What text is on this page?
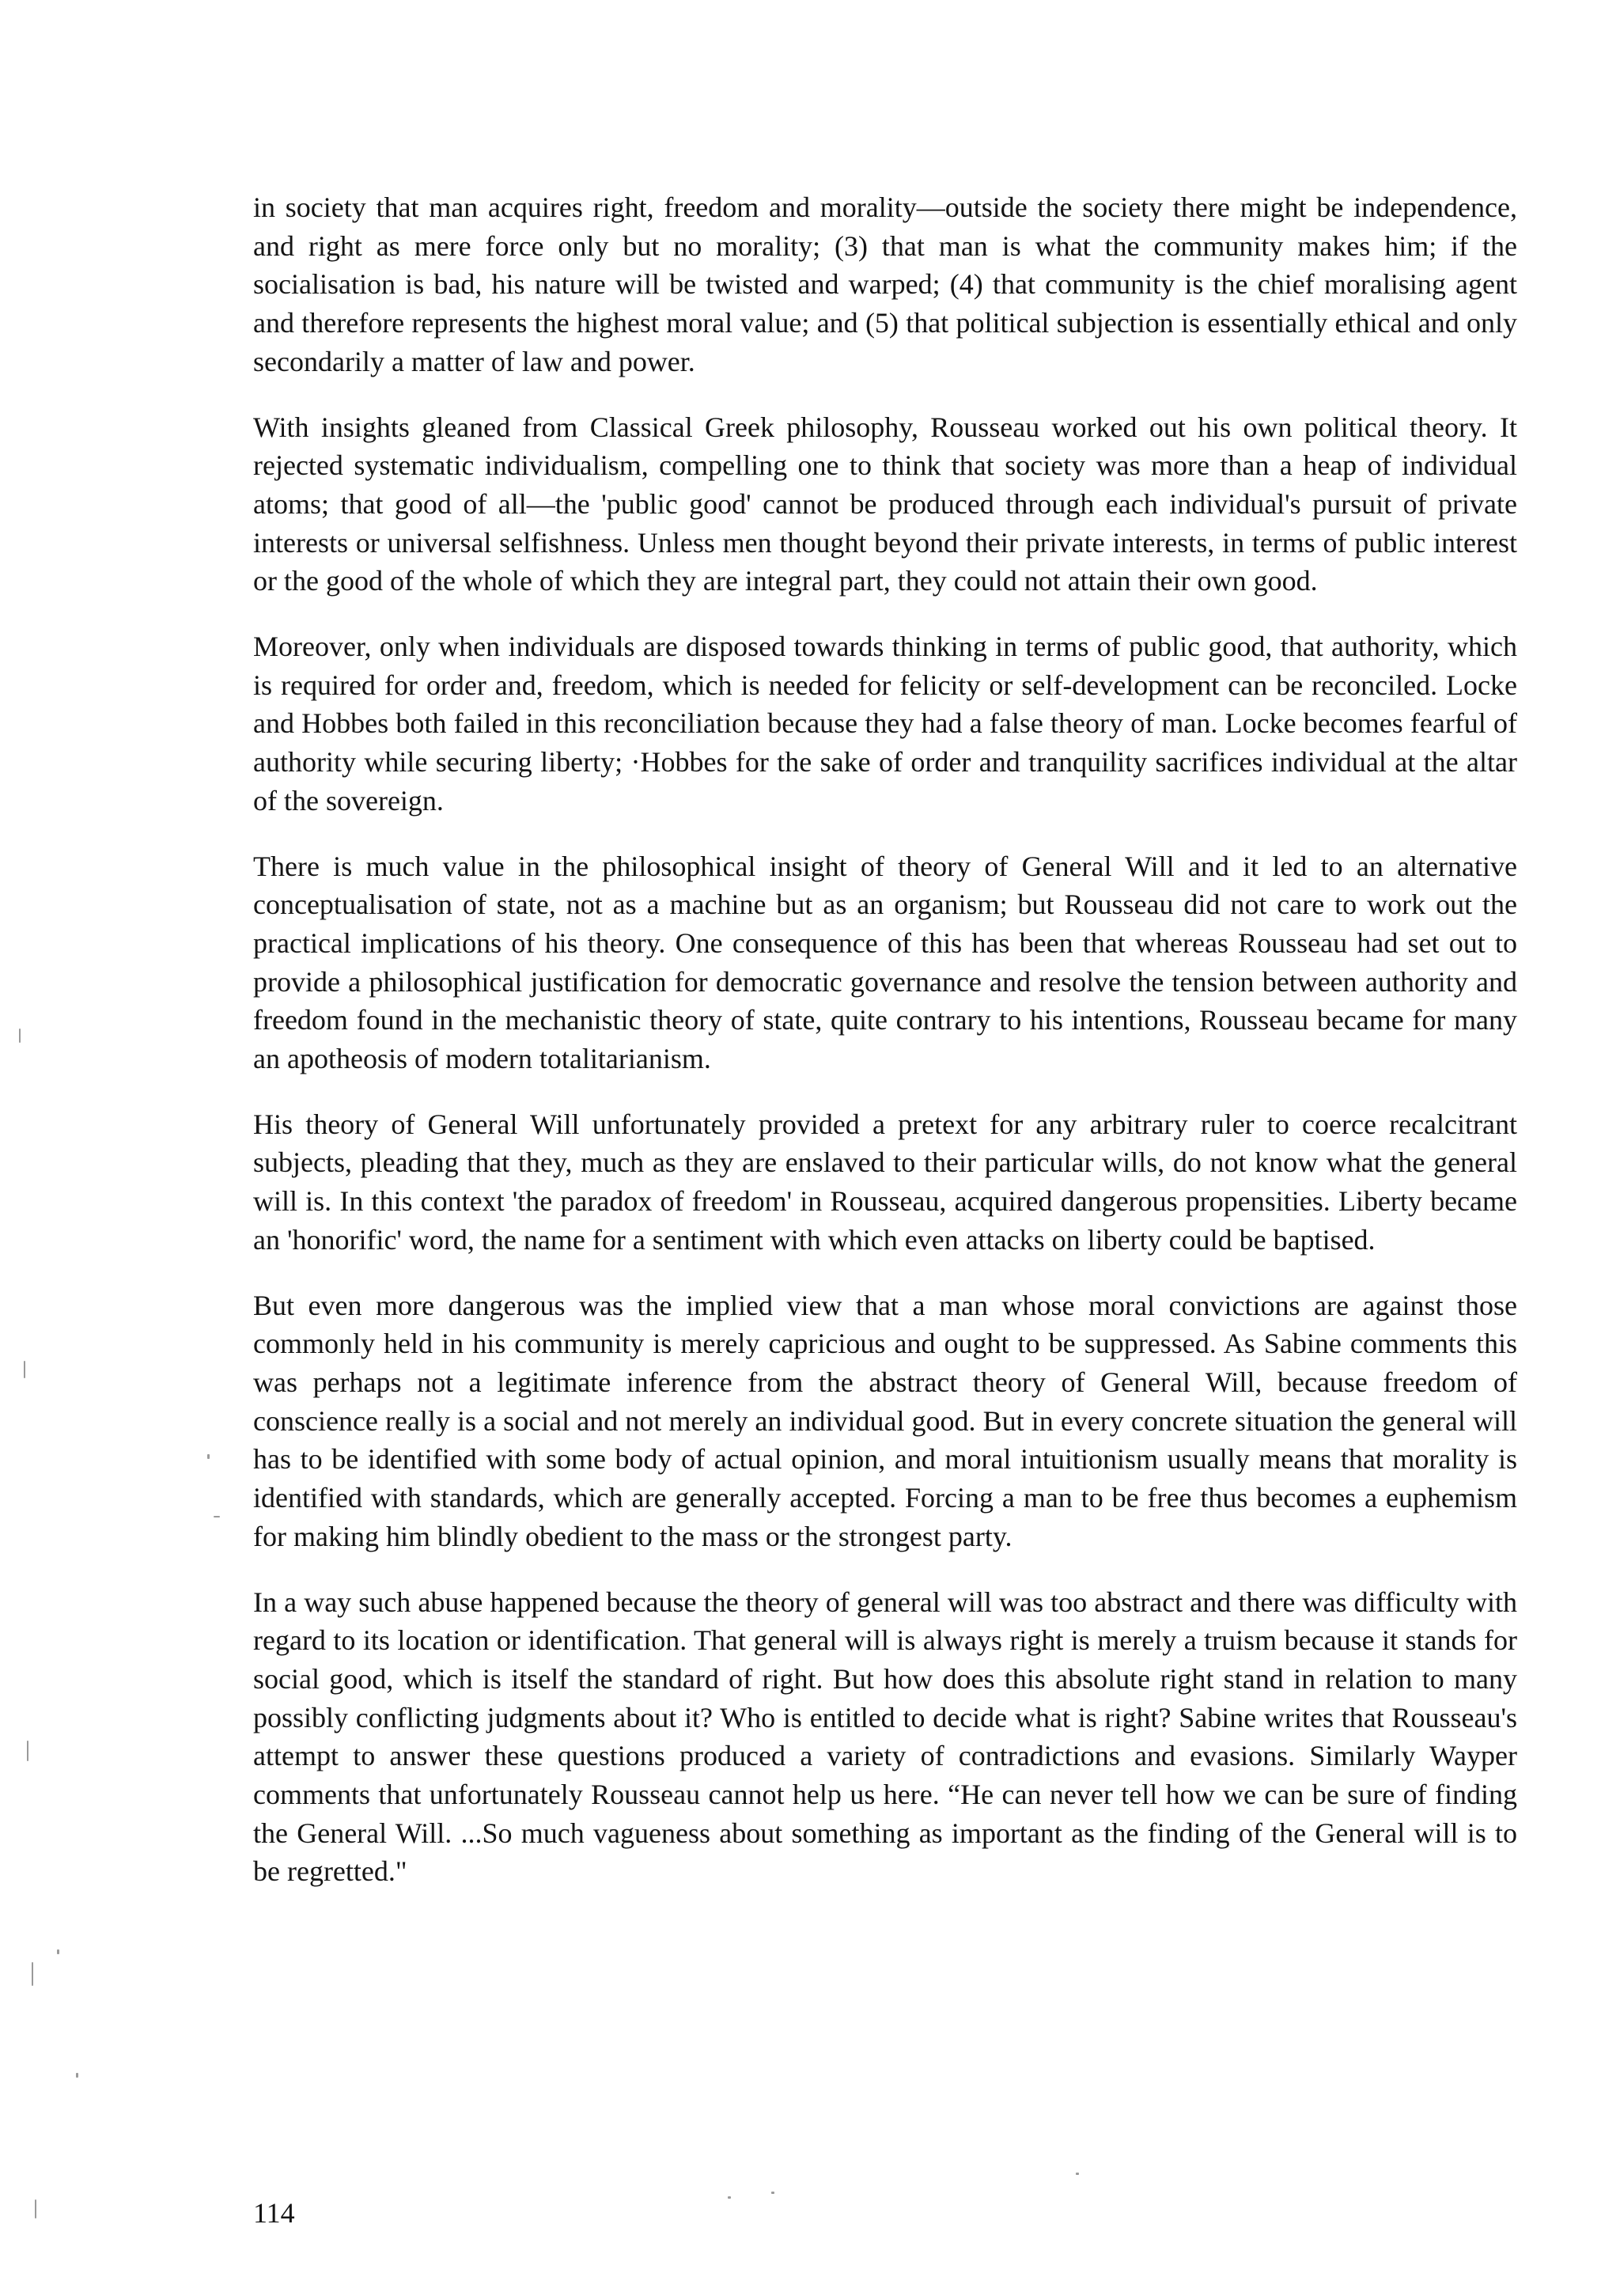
in society that man acquires right, freedom and morality—outside the society there might be independence, and right as mere force only but no morality; (3) that man is what the community makes him; if the socialisation is bad, his nature will be twisted and warped; (4) that community is the chief moralising agent and therefore represents the highest moral value; and (5) that political subjection is essentially ethical and only secondarily a matter of law and power.

With insights gleaned from Classical Greek philosophy, Rousseau worked out his own political theory. It rejected systematic individualism, compelling one to think that society was more than a heap of individual atoms; that good of all—the 'public good' cannot be produced through each individual's pursuit of private interests or universal selfishness. Unless men thought beyond their private interests, in terms of public interest or the good of the whole of which they are integral part, they could not attain their own good.

Moreover, only when individuals are disposed towards thinking in terms of public good, that authority, which is required for order and, freedom, which is needed for felicity or self-development can be reconciled. Locke and Hobbes both failed in this reconciliation because they had a false theory of man. Locke becomes fearful of authority while securing liberty; ·Hobbes for the sake of order and tranquility sacrifices individual at the altar of the sovereign.

There is much value in the philosophical insight of theory of General Will and it led to an alternative conceptualisation of state, not as a machine but as an organism; but Rousseau did not care to work out the practical implications of his theory. One consequence of this has been that whereas Rousseau had set out to provide a philosophical justification for democratic governance and resolve the tension between authority and freedom found in the mechanistic theory of state, quite contrary to his intentions, Rousseau became for many an apotheosis of modern totalitarianism.

His theory of General Will unfortunately provided a pretext for any arbitrary ruler to coerce recalcitrant subjects, pleading that they, much as they are enslaved to their particular wills, do not know what the general will is. In this context 'the paradox of freedom' in Rousseau, acquired dangerous propensities. Liberty became an 'honorific' word, the name for a sentiment with which even attacks on liberty could be baptised.

But even more dangerous was the implied view that a man whose moral convictions are against those commonly held in his community is merely capricious and ought to be suppressed. As Sabine comments this was perhaps not a legitimate inference from the abstract theory of General Will, because freedom of conscience really is a social and not merely an individual good. But in every concrete situation the general will has to be identified with some body of actual opinion, and moral intuitionism usually means that morality is identified with standards, which are generally accepted. Forcing a man to be free thus becomes a euphemism for making him blindly obedient to the mass or the strongest party.

In a way such abuse happened because the theory of general will was too abstract and there was difficulty with regard to its location or identification. That general will is always right is merely a truism because it stands for social good, which is itself the standard of right. But how does this absolute right stand in relation to many possibly conflicting judgments about it? Who is entitled to decide what is right? Sabine writes that Rousseau's attempt to answer these questions produced a variety of contradictions and evasions. Similarly Wayper comments that unfortunately Rousseau cannot help us here. “He can never tell how we can be sure of finding the General Will. ...So much vagueness about something as important as the finding of the General will is to be regretted."

114
